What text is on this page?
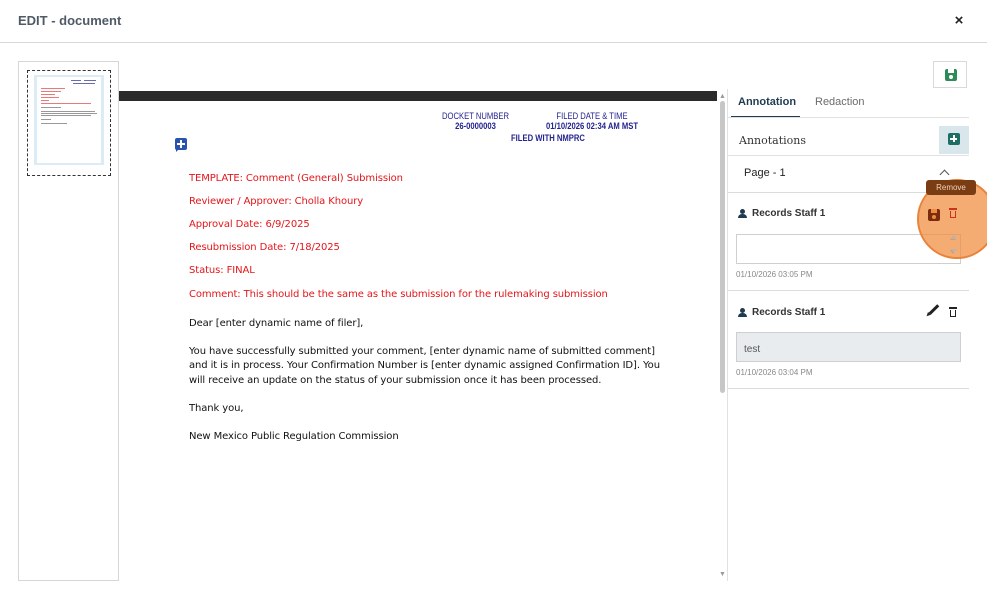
EDIT - document	×
DOCKET NUMBER
26-0000003
FILED DATE & TIME
01/10/2026 02:34 AM MST
FILED WITH NMPRC
TEMPLATE: Comment (General) Submission
Reviewer / Approver: Cholla Khoury
Approval Date: 6/9/2025
Resubmission Date: 7/18/2025
Status: FINAL
Comment: This should be the same as the submission for the rulemaking submission
Dear [enter dynamic name of filer],
You have successfully submitted your comment, [enter dynamic name of submitted comment]
and it is in process. Your Confirmation Number is [enter dynamic assigned Confirmation ID]. You
will receive an update on the status of your submission once it has been processed.
Thank you,
New Mexico Public Regulation Commission
▲
▼
Annotation Redaction
Annotations
Page - 1
Records Staff 1
01/10/2026 03:05 PM
Records Staff 1
test
01/10/2026 03:04 PM
Remove
